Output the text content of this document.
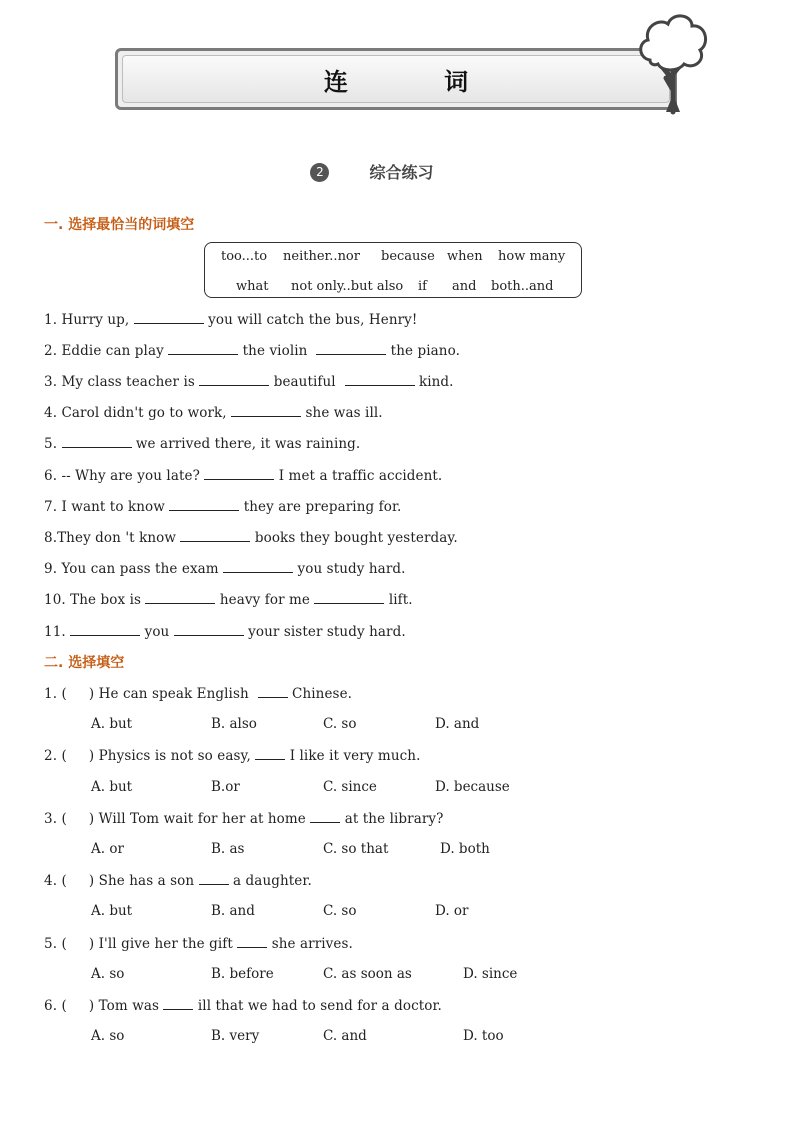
连 词
2	综合练习
一. 选择最恰当的词填空

too...to

neither..nor

because

when

how many

what

not only..but also

if

and

both..and

1. Hurry up,	you will catch the bus, Henry!
2. Eddie can play	the violin	the piano.
3. My class teacher is	beautiful	kind.
4. Carol didn't go to work,	she was ill.
5.	we arrived there, it was raining.
6. -- Why are you late?	I met a traffic accident.
7. I want to know	they are preparing for.
8.They don 't know	books they bought yesterday.
9. You can pass the exam	you study hard.
10. The box is	heavy for me	lift.
11.	you	your sister study hard.
二. 选择填空
1. ( ) He can speak English	Chinese.
A. but	B. also	C. so	D. and
2. ( ) Physics is not so easy,	I like it very much.
A. but	B.or	C. since	D. because
3. ( ) Will Tom wait for her at home	at the library?
A. or	B. as	C. so that	D. both
4. ( ) She has a son	a daughter.
A. but	B. and	C. so	D. or
5. ( ) I'll give her the gift	she arrives.
A. so	B. before	C. as soon as	D. since
6. ( ) Tom was	ill that we had to send for a doctor.
A. so	B. very	C. and	D. too
